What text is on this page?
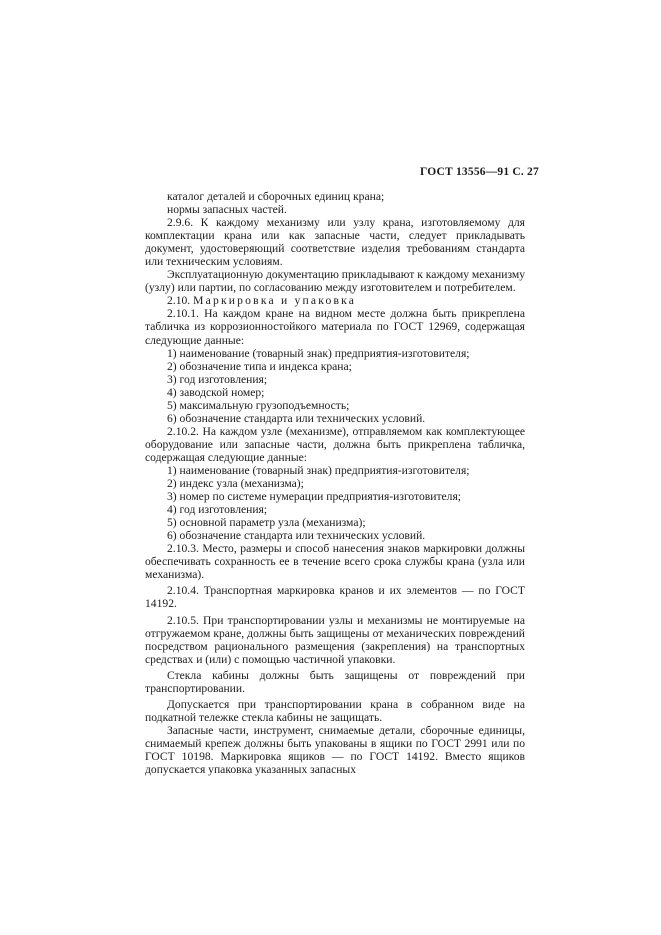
ГОСТ 13556—91 С. 27

каталог деталей и сборочных единиц крана;

нормы запасных частей.

2.9.6. К каждому механизму или узлу крана, изготовляемому для комплектации крана или как запасные части, следует прикладывать документ, удостоверяющий соответствие изделия требованиям стандарта или техническим условиям.

Эксплуатационную документацию прикладывают к каждому механизму (узлу) или партии, по согласованию между изготовителем и потребителем.

2.10. Маркировка и упаковка

2.10.1. На каждом кране на видном месте должна быть прикреплена табличка из коррозионностойкого материала по ГОСТ 12969, содержащая следующие данные:

1) наименование (товарный знак) предприятия-изготовителя;

2) обозначение типа и индекса крана;

3) год изготовления;

4) заводской номер;

5) максимальную грузоподъемность;

6) обозначение стандарта или технических условий.

2.10.2. На каждом узле (механизме), отправляемом как комплектующее оборудование или запасные части, должна быть прикреплена табличка, содержащая следующие данные:

1) наименование (товарный знак) предприятия-изготовителя;

2) индекс узла (механизма);

3) номер по системе нумерации предприятия-изготовителя;

4) год изготовления;

5) основной параметр узла (механизма);

6) обозначение стандарта или технических условий.

2.10.3. Место, размеры и способ нанесения знаков маркировки должны обеспечивать сохранность ее в течение всего срока службы крана (узла или механизма).

2.10.4. Транспортная маркировка кранов и их элементов — по ГОСТ 14192.

2.10.5. При транспортировании узлы и механизмы не монтируемые на отгружаемом кране, должны быть защищены от механических повреждений посредством рационального размещения (закрепления) на транспортных средствах и (или) с помощью частичной упаковки.

Стекла кабины должны быть защищены от повреждений при транспортировании.

Допускается при транспортировании крана в собранном виде на подкатной тележке стекла кабины не защищать.

Запасные части, инструмент, снимаемые детали, сборочные единицы, снимаемый крепеж должны быть упакованы в ящики по ГОСТ 2991 или по ГОСТ 10198. Маркировка ящиков — по ГОСТ 14192. Вместо ящиков допускается упаковка указанных запасных
